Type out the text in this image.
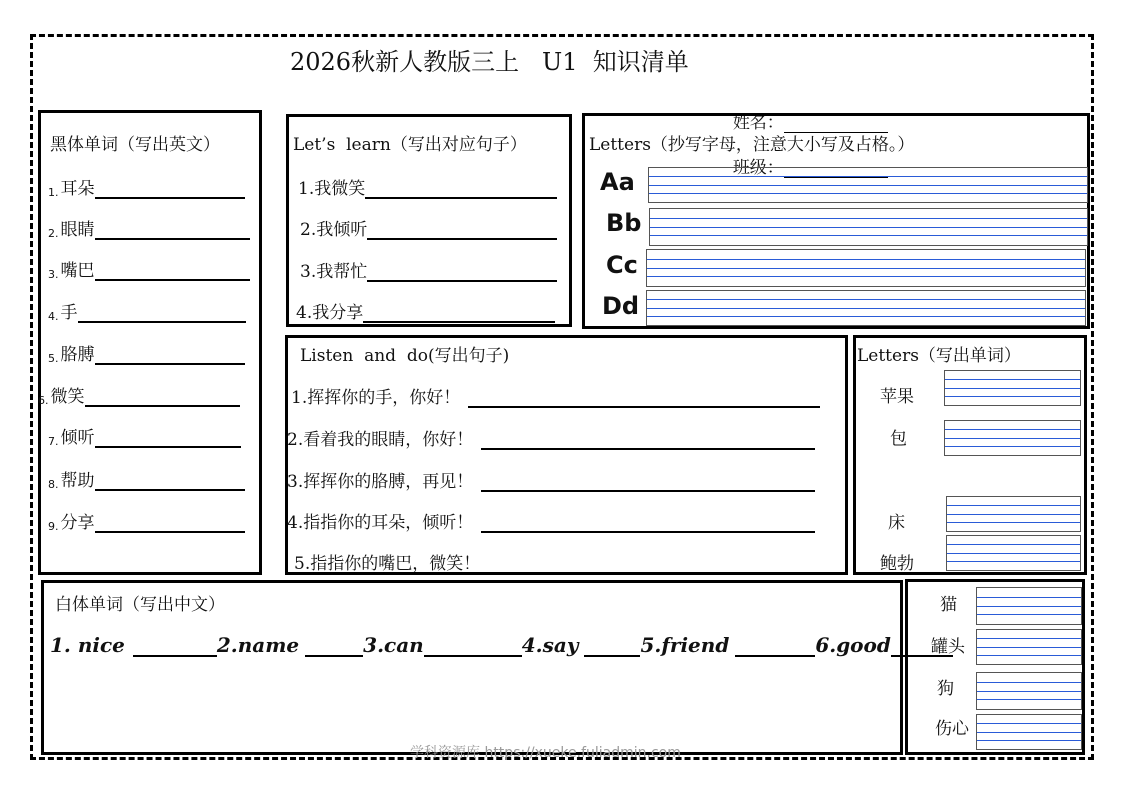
2026秋新人教版三上   U1  知识清单

姓名：

黑体单词（写出英文）
1. 耳朵
2. 眼睛
3. 嘴巴
4. 手
5. 胳膊
6. 微笑
7. 倾听
8. 帮助
9. 分享
Let’s  learn（写出对应句子）
1.我微笑
2.我倾听
3.我帮忙
4.我分享
Letters（抄写字母，注意大小写及占格。）
Aa
Bb
Cc
Dd
Listen  and  do(写出句子)
1.挥挥你的手，你好！
2.看着我的眼睛，你好！
3.挥挥你的胳膊，再见！
4.指指你的耳朵，倾听！
5.指指你的嘴巴，微笑！
Letters（写出单词）
苹果
包
床
鲍勃
白体单词（写出中文）
1. nice	2.name	3.can	4.say	5.friend	6.good
猫
罐头
狗
伤心
学科资源库 https://xueke.fuliadmin.com
